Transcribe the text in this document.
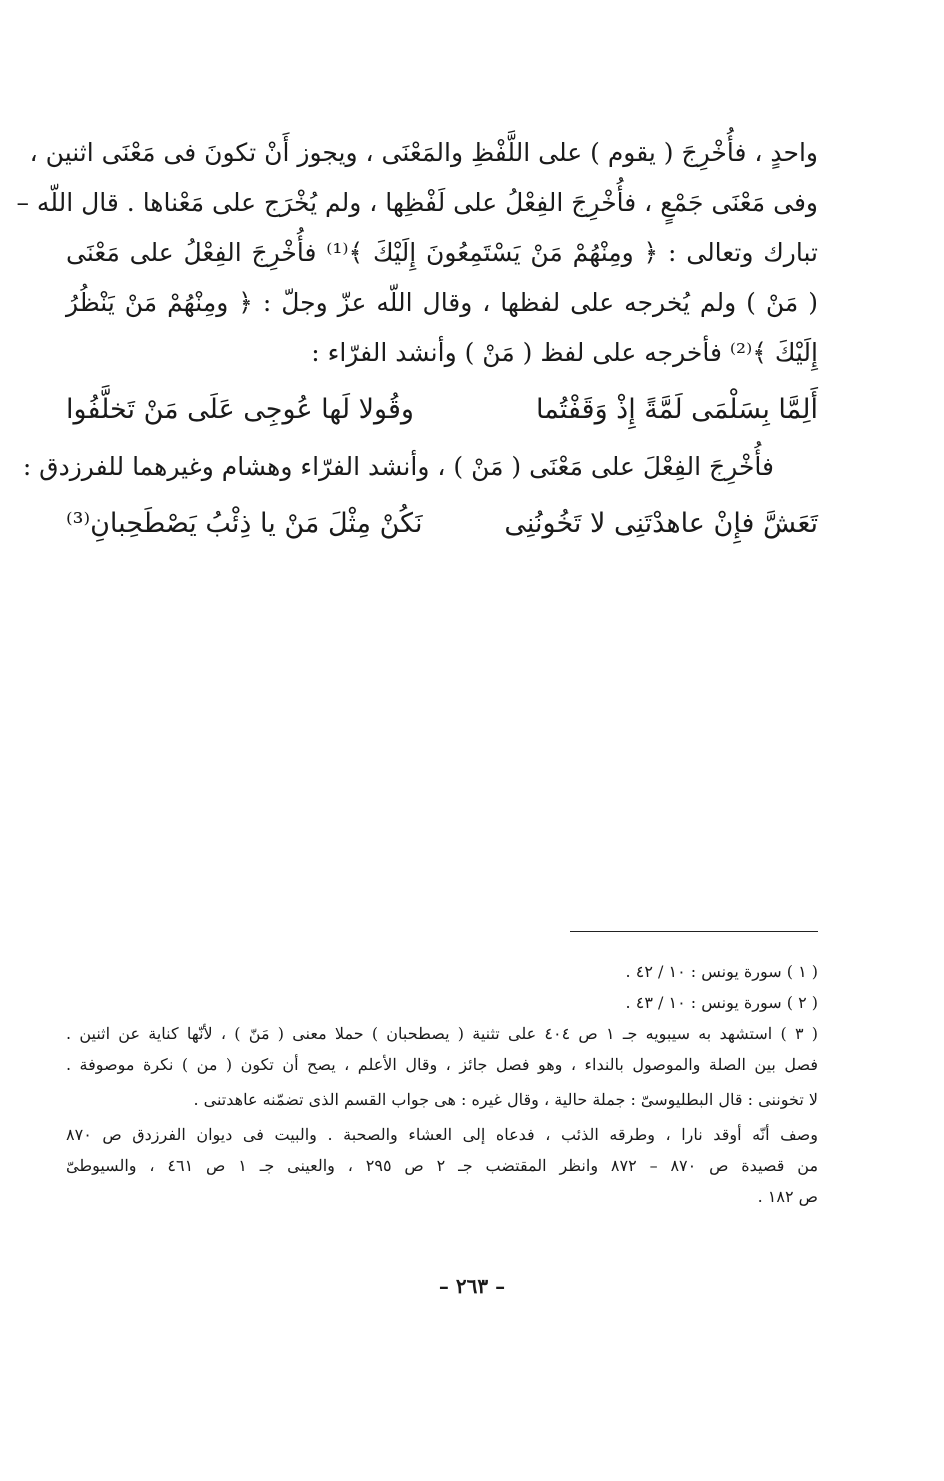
واحدٍ ، فأُخْرِجَ ( يقوم ) على اللَّفْظِ والمَعْنَى ، ويجوز أَنْ تكونَ فى مَعْنَى اثنين ،
وفى مَعْنَى جَمْعٍ ، فأُخْرِجَ الفِعْلُ على لَفْظِها ، ولم يُخْرَج على مَعْناها . قال اللّه –
تبارك وتعالى : ﴿ ومِنْهُمْ مَنْ يَسْتَمِعُونَ إِلَيْكَ ﴾⁽¹⁾ فأُخْرِجَ الفِعْلُ على مَعْنَى
( مَنْ ) ولم يُخرجه على لفظها ، وقال اللّه عزّ وجلّ : ﴿ ومِنْهُمْ مَنْ يَنْظُرُ
إِلَيْكَ ﴾⁽²⁾ فأخرجه على لفظ ( مَنْ ) وأنشد الفرّاء :
أَلِمَّا بِسَلْمَى لَمَّةً إِذْ وَقَفْتُما
وقُولا لَها عُوجِى عَلَى مَنْ تَخلَّفُوا
فأُخْرِجَ الفِعْلَ على مَعْنَى ( مَنْ ) ، وأنشد الفرّاء وهشام وغيرهما للفرزدق :
تَعَشَّ فإِنْ عاهدْتَنِى لا تَخُونُنِى
نَكُنْ مِثْلَ مَنْ يا ذِئْبُ يَصْطَحِبانِ⁽³⁾
( ١ ) سورة يونس : ١٠ / ٤٢ .
( ٢ ) سورة يونس : ١٠ / ٤٣ .
( ٣ ) استشهد به سيبويه جـ ١ ص ٤٠٤ على تثنية ( يصطحبان ) حملا معنى ( مَنّ ) ، لأنّها كناية عن اثنين .
فصل بين الصلة والموصول بالنداء ، وهو فصل جائز ، وقال الأعلم ، يصح أن تكون ( من ) نكرة موصوفة .
لا تخوننى : قال البطليوسىّ : جملة حالية ، وقال غيره : هى جواب القسم الذى تضمّنه عاهدتنى .
وصف أنّه أوقد نارا ، وطرقه الذئب ، فدعاه إلى العشاء والصحبة . والبيت فى ديوان الفرزدق ص ٨٧٠
من قصيدة ص ٨٧٠ – ٨٧٢ وانظر المقتضب جـ ٢ ص ٢٩٥ ، والعينى جـ ١ ص ٤٦١ ، والسيوطىّ
ص ١٨٢ .
– ٢٦٣ –
